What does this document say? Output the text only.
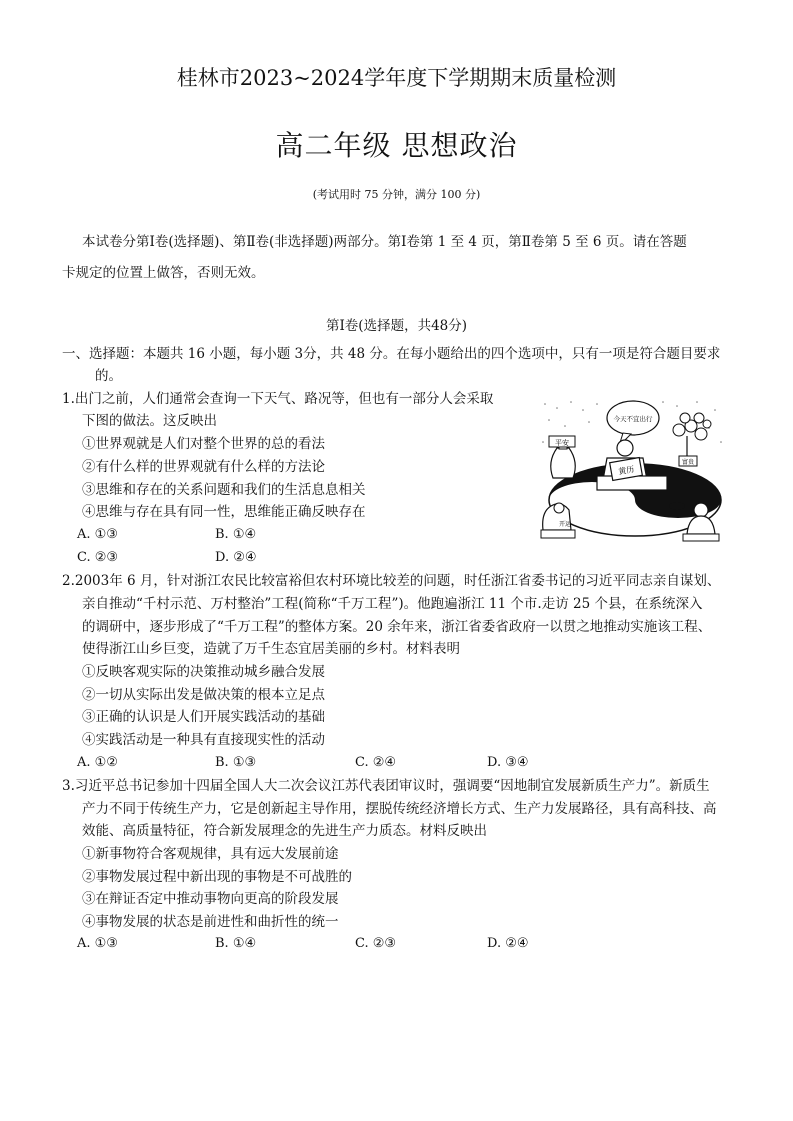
桂林市2023~2024学年度下学期期末质量检测
高二年级 思想政治
(考试用时 75 分钟，满分 100 分)
本试卷分第Ⅰ卷(选择题)、第Ⅱ卷(非选择题)两部分。第Ⅰ卷第 1 至 4 页，第Ⅱ卷第 5 至 6 页。请在答题
卡规定的位置上做答，否则无效。
第Ⅰ卷(选择题，共48分)
一、选择题：本题共 16 小题，每小题 3分，共 48 分。在每小题给出的四个选项中，只有一项是符合题目要求
的。
1.出门之前，人们通常会查询一下天气、路况等，但也有一部分人会采取
下图的做法。这反映出
①世界观就是人们对整个世界的总的看法
②有什么样的世界观就有什么样的方法论
③思维和存在的关系问题和我们的生活息息相关
④思维与存在具有同一性，思维能正确反映存在
A. ①③	B. ①④
C. ②③	D. ②④
平安
今天不宜出行
黄历
富贵
开运
2.2003年 6 月，针对浙江农民比较富裕但农村环境比较差的问题，时任浙江省委书记的习近平同志亲自谋划、
亲自推动“千村示范、万村整治”工程(简称“千万工程”)。他跑遍浙江 11 个市.走访 25 个县，在系统深入
的调研中，逐步形成了“千万工程”的整体方案。20 余年来，浙江省委省政府一以贯之地推动实施该工程、
使得浙江山乡巨变，造就了万千生态宜居美丽的乡村。材料表明
①反映客观实际的决策推动城乡融合发展
②一切从实际出发是做决策的根本立足点
③正确的认识是人们开展实践活动的基础
④实践活动是一种具有直接现实性的活动
A. ①②	B. ①③	C. ②④	D. ③④
3.习近平总书记参加十四届全国人大二次会议江苏代表团审议时，强调要“因地制宜发展新质生产力”。新质生
产力不同于传统生产力，它是创新起主导作用，摆脱传统经济增长方式、生产力发展路径，具有高科技、高
效能、高质量特征，符合新发展理念的先进生产力质态。材料反映出
①新事物符合客观规律，具有远大发展前途
②事物发展过程中新出现的事物是不可战胜的
③在辩证否定中推动事物向更高的阶段发展
④事物发展的状态是前进性和曲折性的统一
A. ①③	B. ①④	C. ②③	D. ②④
